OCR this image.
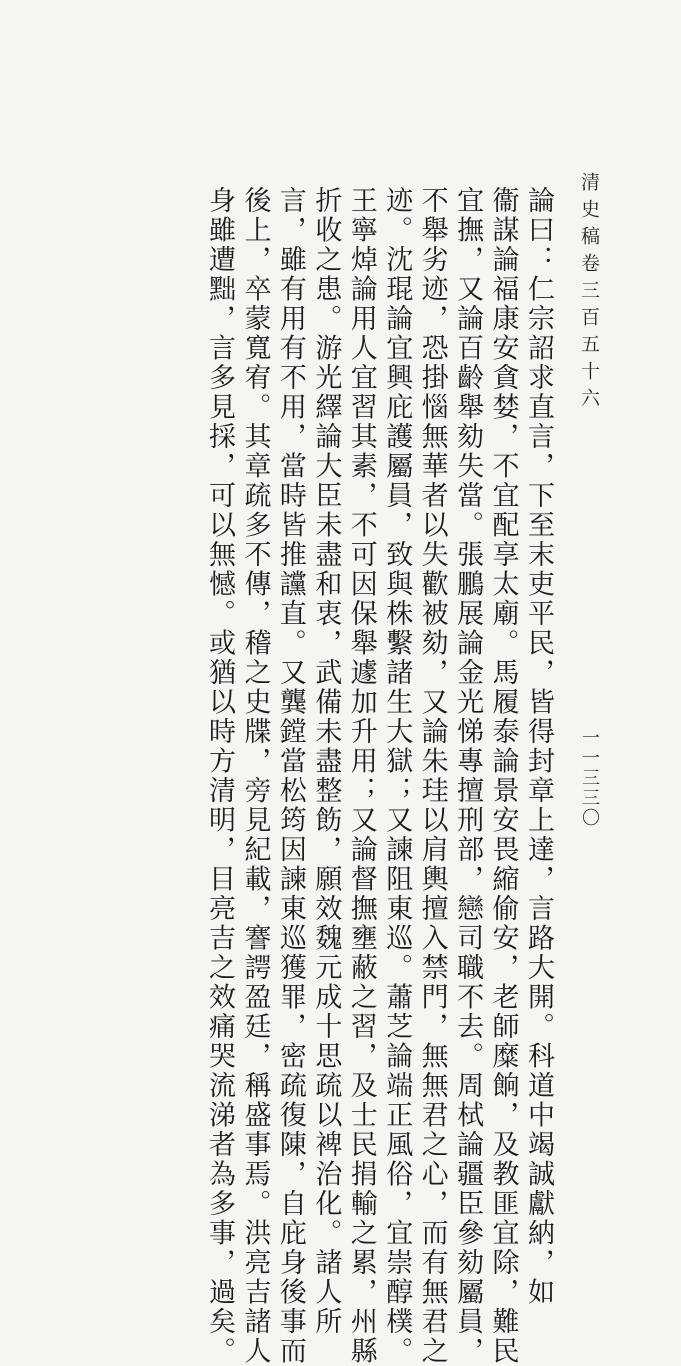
清史稿卷三百五十六
一一三三〇
論曰：仁宗詔求直言，下至末吏平民，皆得封章上達，言路大開。科道中竭誠獻納，如
衞謀論福康安貪婪，不宜配享太廟。馬履泰論景安畏縮偷安，老師糜餉，及教匪宜除，難民
宜撫，又論百齡舉劾失當。張鵬展論金光悌專擅刑部，戀司職不去。周栻論疆臣參劾屬員，
不舉劣迹，恐掛惱無華者以失歡被劾，又論朱珪以肩輿擅入禁門，無無君之心，而有無君之
迹。沈琨論宜興庇護屬員，致與株繫諸生大獄；又諫阻東巡。蕭芝論端正風俗，宜崇醇樸。
王寧焯論用人宜習其素，不可因保舉遽加升用；又論督撫壅蔽之習，及士民捐輸之累，州縣
折收之患。游光繹論大臣未盡和衷，武備未盡整飭，願效魏元成十思疏以裨治化。諸人所
言，雖有用有不用，當時皆推讜直。又龔鏜當松筠因諫東巡獲罪，密疏復陳，自庇身後事而
後上，卒蒙寬宥。其章疏多不傳，稽之史牒，旁見紀載，謇諤盈廷，稱盛事焉。洪亮吉諸人
身雖遭黜，言多見採，可以無憾。或猶以時方清明，目亮吉之效痛哭流涕者為多事，過矣。
